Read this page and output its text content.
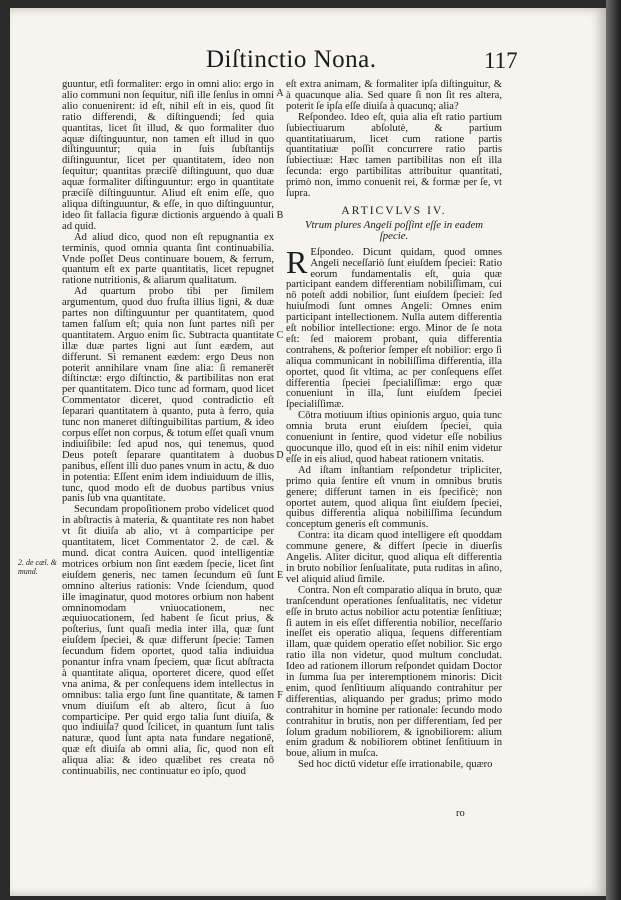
Diſtinctio Nona.	117
2. de cæl. & mund.

guuntur, etſi formaliter: ergo in omni alio: ergo in alio communi non ſequitur, niſi ille ſenſus in omni alio conuenirent: id eſt, nihil eſt in eis, quod ſit ratio differendi, & diſtinguendi; ſed quia quantitas, licet ſit illud, & quo formaliter duo aquæ diſtinguuntur, non tamen eſt illud in quo diſtinguuntur; quia in ſuis ſubſtantijs diſtinguuntur, licet per quantitatem, ideo non ſequitur; quantitas præciſè diſtinguunt, quo duæ aquæ formaliter diſtinguuntur: ergo in quantitate præciſè diſtinguuntur. Aliud eſt enim eſſe, quo aliqua diſtinguuntur, & eſſe, in quo diſtinguuntur, ideo ſit fallacia figuræ dictionis arguendo à quali ad quid.

Ad aliud dico, quod non eſt repugnantia ex terminis, quod omnia quanta ſint continuabilia. Vnde poſſet Deus continuare bouem, & ferrum, quantum eſt ex parte quantitatis, licet repugnet ratione nutritionis, & aliarum qualitatum.

Ad quartum probo tibi per ſimilem argumentum, quod duo fruſta illius ligni, & duæ partes non diſtinguuntur per quantitatem, quod tamen falſum eſt; quia non ſunt partes niſi per quantitatem. Arguo enim ſic. Subtracta quantitate illæ duæ partes ligni aut ſunt eædem, aut differunt. Si remanent eædem: ergo Deus non poterit annihilare vnam ſine alia: ſi remanerēt diſtinctæ: ergo diſtinctio, & partibilitas non erat per quantitatem. Dico tunc ad formam, quod licet Commentator diceret, quod contradictio eſt ſeparari quantitatem à quanto, puta à ferro, quia tunc non maneret diſtinguibilitas partium, & ideo corpus eſſet non corpus, & totum eſſet quaſi vnum indiuiſibile: ſed apud nos, qui tenemus, quod Deus poteſt ſeparare quantitatem à duobus panibus, eſſent illi duo panes vnum in actu, & duo in potentia: Eſſent enim idem indiuiduum de illis, tunc, quod modo eſt de duobus partibus vnius panis ſub vna quantitate.

Secundam propoſitionem probo videlicet quod in abſtractis à materia, & quantitate res non habet vt ſit diuiſa ab alio, vt à comparticipe per quantitatem, licet Commentator 2. de cæl. & mund. dicat contra Auicen. quod intelligentiæ motrices orbium non ſint eædem ſpecie, licet ſint eiuſdem generis, nec tamen ſecundum eū ſunt omnino alterius rationis: Vnde ſciendum, quod ille imaginatur, quod motores orbium non habent omninomodam vniuocationem, nec æquiuocationem, ſed habent ſe ſicut prius, & poſterius, ſunt quaſi media inter illa, quæ ſunt eiuſdem ſpeciei, & quæ differunt ſpecie: Tamen ſecundum fidem oportet, quod talia indiuidua ponantur infra vnam ſpeciem, quæ ſicut abſtracta à quantitate aliqua, oporteret dicere, quod eſſet vna anima, & per conſequens idem intellectus in omnibus: talia ergo ſunt ſine quantitate, & tamen vnum diuiſum eſt ab altero, ſicut à ſuo comparticipe. Per quid ergo talia ſunt diuiſa, & quo indiuiſa? quod ſcilicet, in quantum ſunt talis naturæ, quod ſunt apta nata fundare negationē, quæ eſt diuiſa ab omni alia, ſic, quod non eſt aliqua alia: & ideo quælibet res creata nō continuabilis, nec continuatur eo ipſo, quod

A
B
C
D
E
F

eſt extra animam, & formaliter ipſa diſtinguitur, & à quacunque alia. Sed quare ſi non ſit res altera, poterit ſe ipſa eſſe diuiſa à quacunq; alia?

Reſpondeo. Ideo eſt, quia alia eſt ratio partium ſubiectiuarum abſolutè, & partium quantitatiuarum, licet cum ratione partis quantitatiuæ poſſit concurrere ratio partis ſubiectiuæ: Hæc tamen partibilitas non eſt illa ſecunda: ergo partibilitas attribuitur quantitati, primò non, immo conuenit rei, & formæ per ſe, vt ſupra.

ARTICVLVS IV.

Vtrum plures Angeli poſſint eſſe in eadem ſpecie.

R Eſpondeo. Dicunt quidam, quod omnes Angeli neceſſariò ſunt eiuſdem ſpeciei: Ratio eorum fundamentalis eſt, quia quæ participant eandem differentiam nobiliſſimam, cui nō poteſt addi nobilior, ſunt eiuſdem ſpeciei: ſed huiuſmodi ſunt omnes Angeli: Omnes enim participant intellectionem. Nulla autem differentia eſt nobilior intellectione: ergo. Minor de ſe nota eſt: ſed maiorem probant, quia differentia contrahens, & poſterior ſemper eſt nobilior: ergo ſi aliqua communicant in nobiliſſima differentia, illa oportet, quod ſit vltima, ac per conſequens eſſet differentia ſpeciei ſpecialiſſimæ: ergo quæ conueniunt in illa, ſunt eiuſdem ſpeciei ſpecialiſſimæ.

Cōtra motiuum iſtius opinionis arguo, quia tunc omnia bruta erunt eiuſdem ſpeciei, quia conueniunt in ſentire, quod videtur eſſe nobilius quocunque illo, quod eſt in eis: nihil enim videtur eſſe in eis aliud, quod habeat rationem vnitatis.

Ad iſtam inſtantiam reſpondetur tripliciter, primo quia ſentire eſt vnum in omnibus brutis genere; differunt tamen in eis ſpecificè; non oportet autem, quod aliqua ſint eiuſdem ſpeciei, quibus differentia aliqua nobiliſſima ſecundum conceptum generis eſt communis.

Contra: ita dicam quod intelligere eſt quoddam commune genere, & differt ſpecie in diuerſis Angelis. Aliter dicitur, quod aliqua eſt differentia in bruto nobilior ſenſualitate, puta ruditas in aſino, vel aliquid aliud ſimile.

Contra. Non eſt comparatio aliqua in bruto, quæ tranſcendunt operationes ſenſualitatis, nec videtur eſſe in bruto actus nobilior actu potentiæ ſenſitiuæ; ſi autem in eis eſſet differentia nobilior, neceſſario ineſſet eis operatio aliqua, ſequens differentiam illam, quæ quidem operatio eſſet nobilior. Sic ergo ratio illa non videtur, quod multum concludat. Ideo ad rationem illorum reſpondet quidam Doctor in ſumma ſua per interemptionem minoris: Dicit enim, quod ſenſitiuum aliquando contrahitur per differentias, aliquando per gradus; primo modo contrahitur in homine per rationale: ſecundo modo contrahitur in brutis, non per differentiam, ſed per ſolum gradum nobiliorem, & ignobiliorem: alium enim gradum & nobiliorem obtinet ſenſitiuum in boue, alium in muſca.

Sed hoc dictū videtur eſſe irrationabile, quæro

ro
